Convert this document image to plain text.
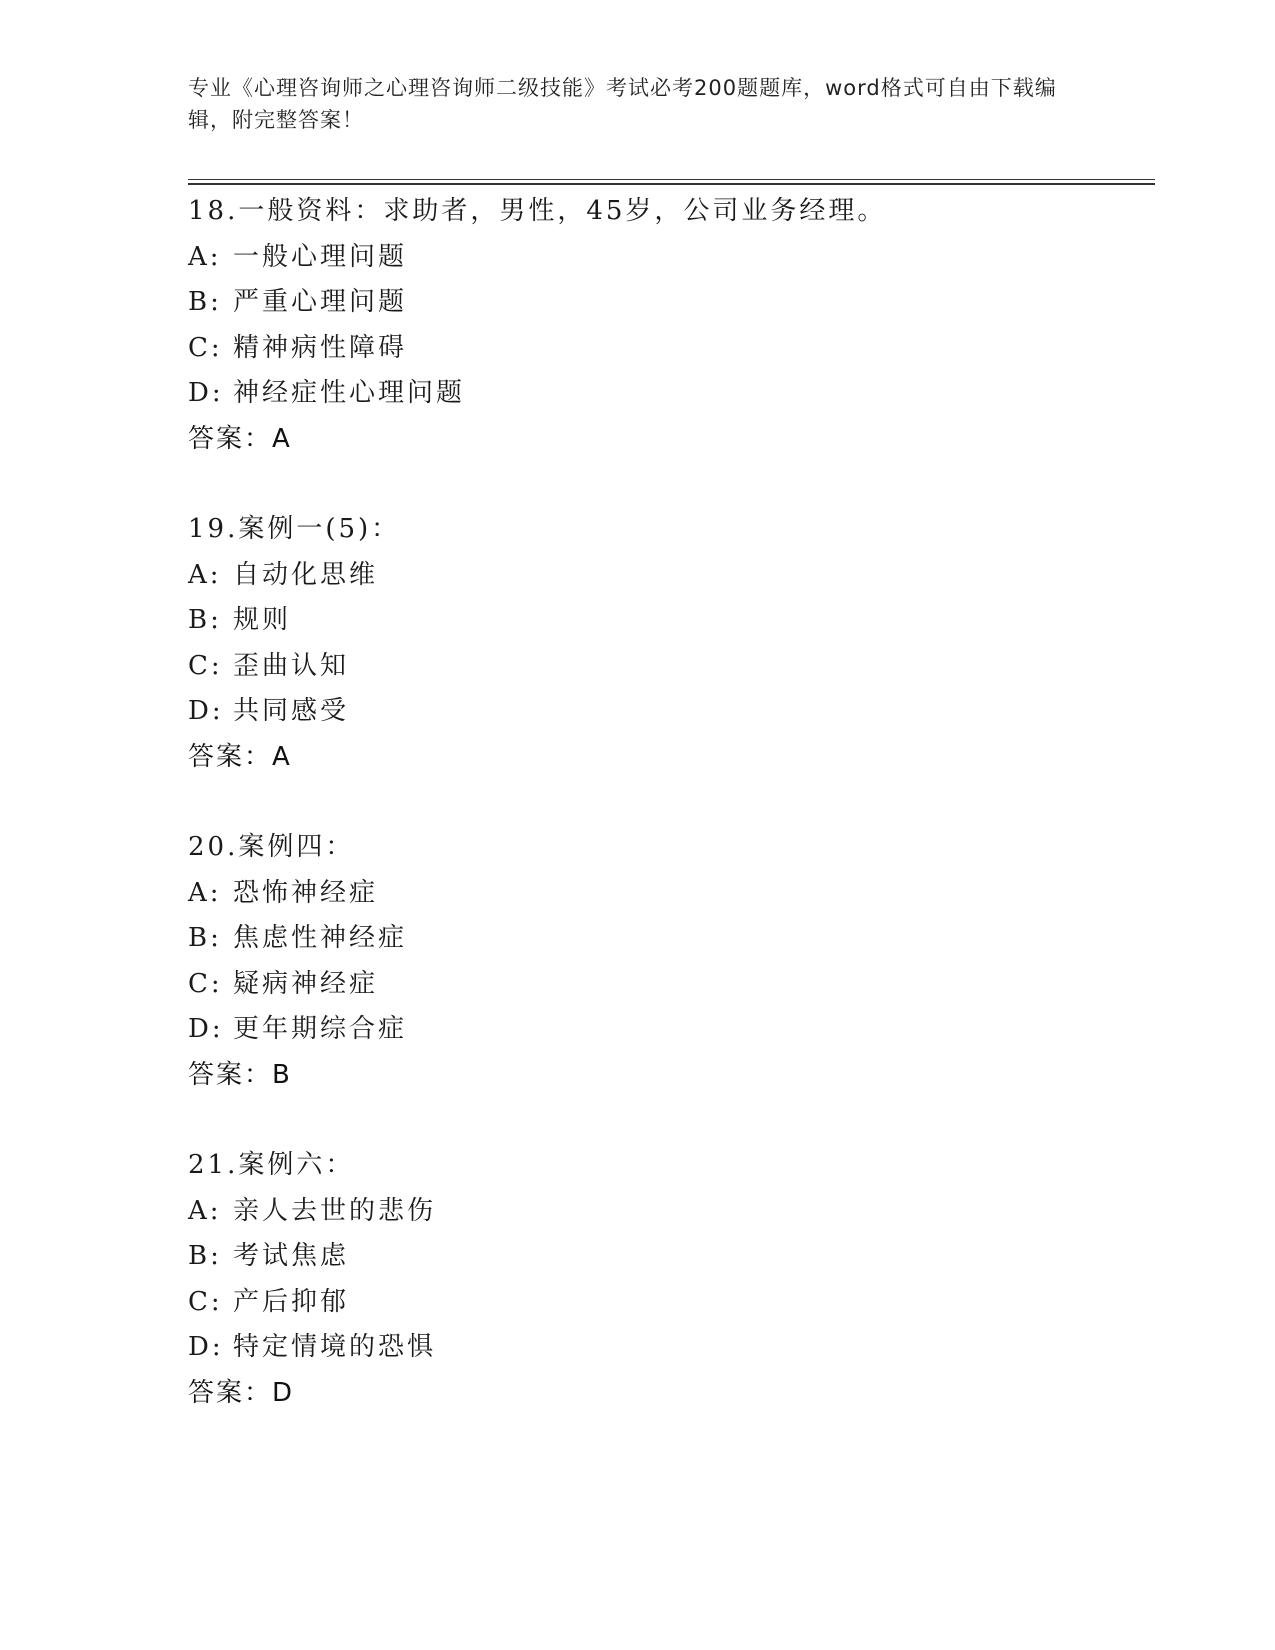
专业《心理咨询师之心理咨询师二级技能》考试必考200题题库，word格式可自由下载编辑，附完整答案！
18.一般资料：求助者，男性，45岁，公司业务经理。
A: 一般心理问题
B: 严重心理问题
C: 精神病性障碍
D: 神经症性心理问题
答案：A
19.案例一(5)：
A: 自动化思维
B: 规则
C: 歪曲认知
D: 共同感受
答案：A
20.案例四：
A: 恐怖神经症
B: 焦虑性神经症
C: 疑病神经症
D: 更年期综合症
答案：B
21.案例六：
A: 亲人去世的悲伤
B: 考试焦虑
C: 产后抑郁
D: 特定情境的恐惧
答案：D
